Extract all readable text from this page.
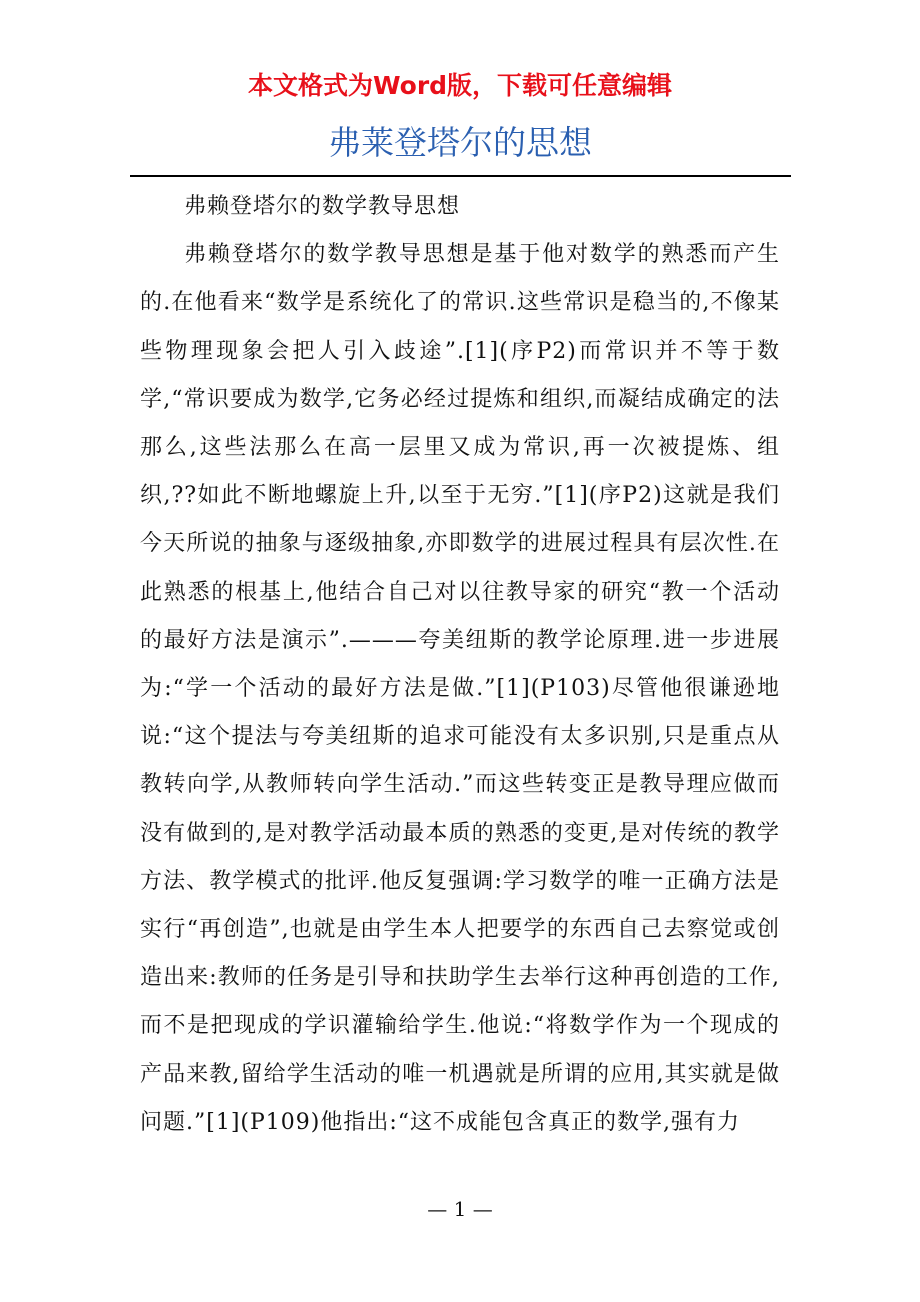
本文格式为Word版，下载可任意编辑
弗莱登塔尔的思想

弗赖登塔尔的数学教导思想

弗赖登塔尔的数学教导思想是基于他对数学的熟悉而产生的.在他看来“数学是系统化了的常识.这些常识是稳当的,不像某些物理现象会把人引入歧途”.[1](序P2)而常识并不等于数学,“常识要成为数学,它务必经过提炼和组织,而凝结成确定的法那么,这些法那么在高一层里又成为常识,再一次被提炼、组织,??如此不断地螺旋上升,以至于无穷.”[1](序P2)这就是我们今天所说的抽象与逐级抽象,亦即数学的进展过程具有层次性.在此熟悉的根基上,他结合自己对以往教导家的研究“教一个活动的最好方法是演示”.———夸美纽斯的教学论原理.进一步进展为:“学一个活动的最好方法是做.”[1](P103)尽管他很谦逊地说:“这个提法与夸美纽斯的追求可能没有太多识别,只是重点从教转向学,从教师转向学生活动.”而这些转变正是教导理应做而没有做到的,是对教学活动最本质的熟悉的变更,是对传统的教学方法、教学模式的批评.他反复强调:学习数学的唯一正确方法是实行“再创造”,也就是由学生本人把要学的东西自己去察觉或创造出来:教师的任务是引导和扶助学生去举行这种再创造的工作,而不是把现成的学识灌输给学生.他说:“将数学作为一个现成的产品来教,留给学生活动的唯一机遇就是所谓的应用,其实就是做问题.”[1](P109)他指出:“这不成能包含真正的数学,强有力

— 1 —
